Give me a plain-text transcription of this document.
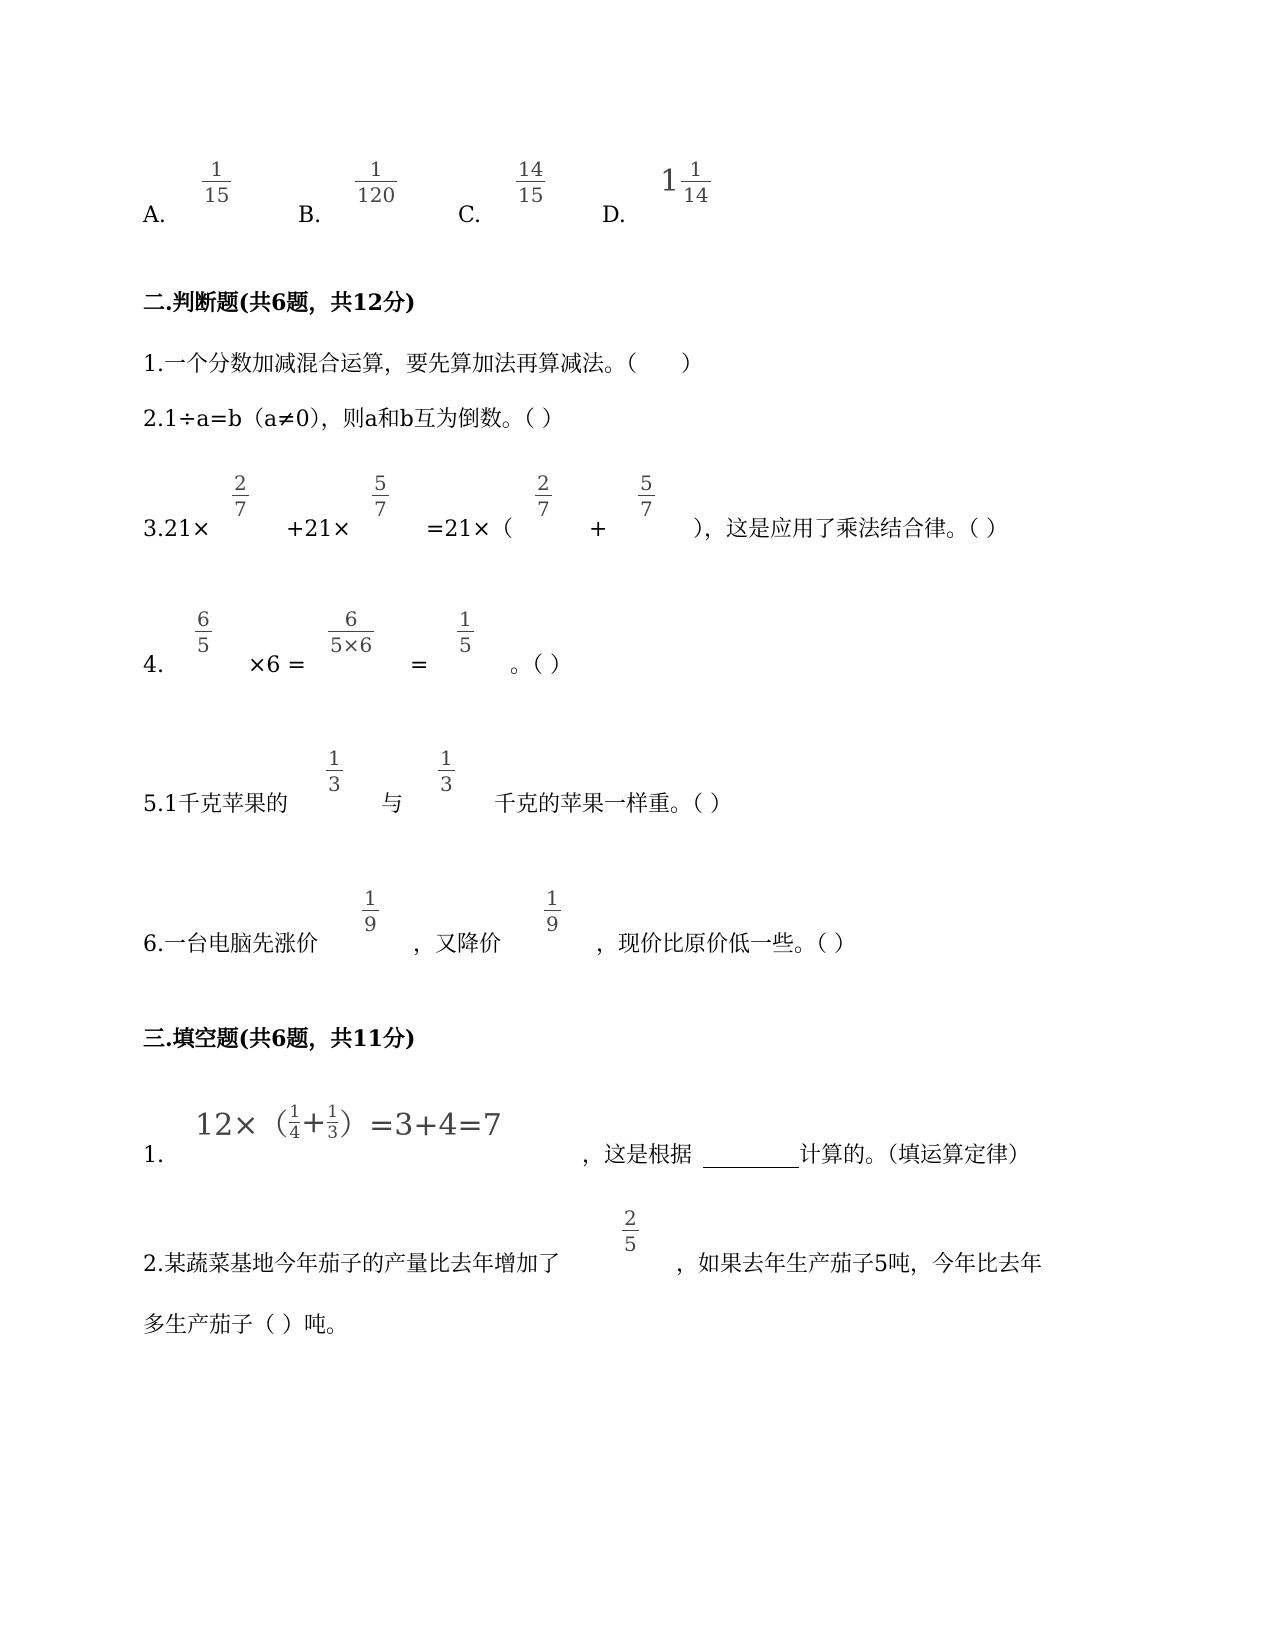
A.
1
15
B.
1
120
C.
14
15
D.
$1 \frac{1}{14}$
二.判断题(共6题，共12分)
1.一个分数加减混合运算，要先算加法再算减法。（　　）
2.1÷a=b（a≠0），则a和b互为倒数。（ ）
3.21×
2
7
+21×
5
7
=21×（
2
7
+
5
7
），这是应用了乘法结合律。（ ）
4.
6
5
×6 =
6
5×6
=
1
5
。（ ）
5.1千克苹果的
1
3
与
1
3
千克的苹果一样重。（ ）
6.一台电脑先涨价
1
9
，又降价
1
9
，现价比原价低一些。（ ）
三.填空题(共6题，共11分)
1.
$12\times( \frac{1}{4} + \frac{1}{3} )=3+4=7$
，这是根据	计算的。（填运算定律）
2.某蔬菜基地今年茄子的产量比去年增加了
2
5
，如果去年生产茄子5吨，今年比去年
多生产茄子（ ）吨。
